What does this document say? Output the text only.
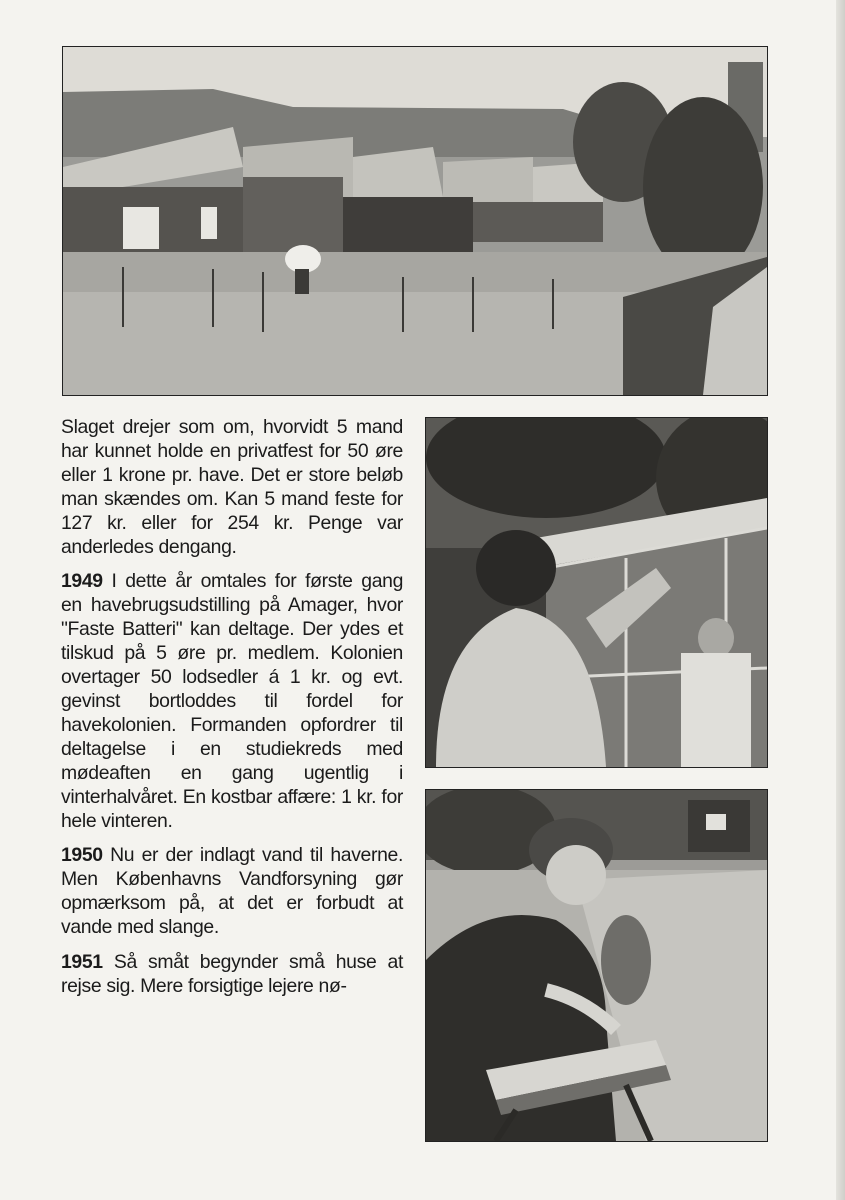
Slaget drejer som om, hvorvidt 5 mand har kunnet holde en privatfest for 50 øre eller 1 krone pr. have. Det er store beløb man skændes om. Kan 5 mand feste for 127 kr. eller for 254 kr. Penge var anderledes dengang.

1949 I dette år omtales for første gang en havebrugsudstilling på Amager, hvor "Faste Batteri" kan deltage. Der ydes et tilskud på 5 øre pr. medlem. Kolonien overtager 50 lodsedler á 1 kr. og evt. gevinst bortloddes til fordel for havekolonien. Formanden opfordrer til deltagelse i en studiekreds med mødeaften en gang ugentlig i vinterhalvåret. En kostbar affære: 1 kr. for hele vinteren.

1950 Nu er der indlagt vand til haverne. Men Københavns Vandforsyning gør opmærksom på, at det er forbudt at vande med slange.

1951 Så småt begynder små huse at rejse sig. Mere forsigtige lejere nø-
